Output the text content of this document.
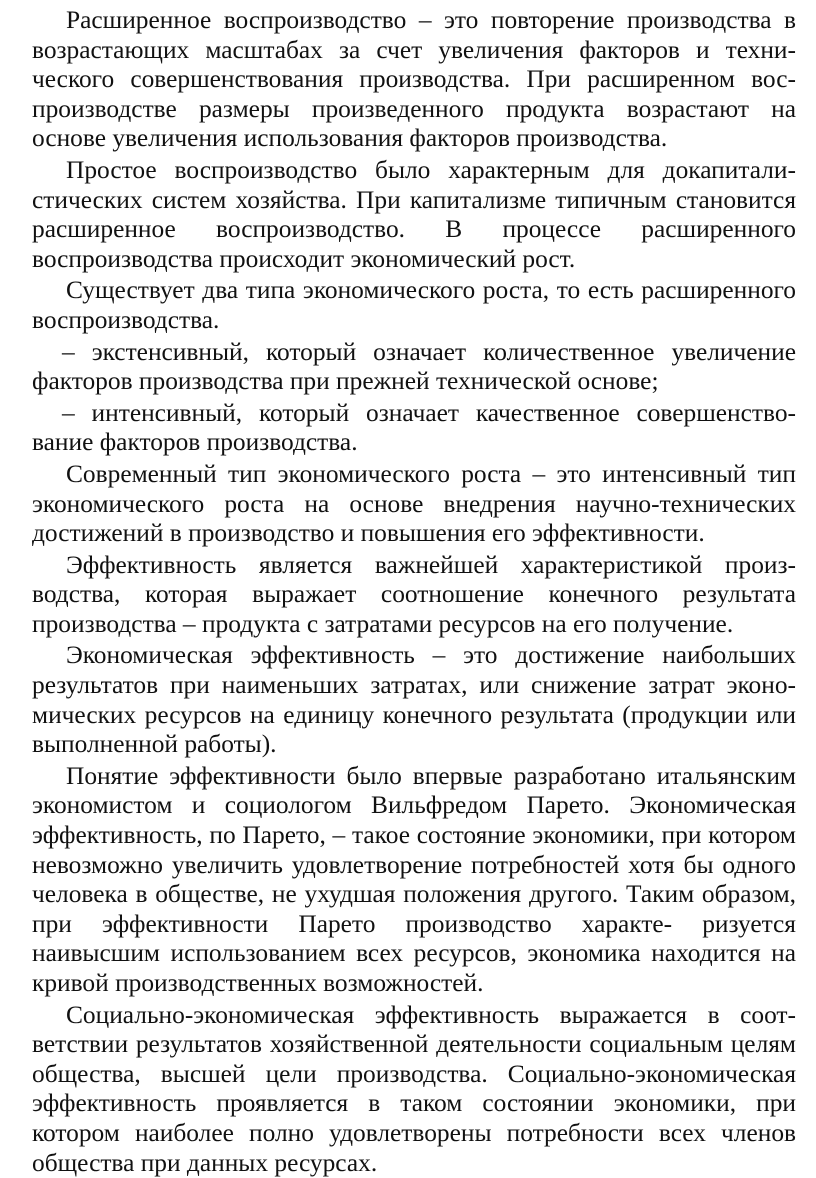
Расширенное воспроизводство – это повторение производства в возрастающих масштабах за счет увеличения факторов и технического совершенствования производства. При расширенном воспроизводстве размеры произведенного продукта возрастают на основе увеличения использования факторов производства.

Простое воспроизводство было характерным для докапиталистических систем хозяйства. При капитализме типичным становится расширенное воспроизводство. В процессе расширенного воспроизводства происходит экономический рост.

Существует два типа экономического роста, то есть расширенного воспроизводства.

– экстенсивный, который означает количественное увеличение факторов производства при прежней технической основе;

– интенсивный, который означает качественное совершенствование факторов производства.

Современный тип экономического роста – это интенсивный тип экономического роста на основе внедрения научно-технических достижений в производство и повышения его эффективности.

Эффективность является важнейшей характеристикой производства, которая выражает соотношение конечного результата производства – продукта с затратами ресурсов на его получение.

Экономическая эффективность – это достижение наибольших результатов при наименьших затратах, или снижение затрат экономических ресурсов на единицу конечного результата (продукции или выполненной работы).

Понятие эффективности было впервые разработано итальянским экономистом и социологом Вильфредом Парето. Экономическая эффективность, по Парето, – такое состояние экономики, при котором невозможно увеличить удовлетворение потребностей хотя бы одного человека в обществе, не ухудшая положения другого. Таким образом, при эффективности Парето производство характе- ризуется наивысшим использованием всех ресурсов, экономика находится на кривой производственных возможностей.

Социально-экономическая эффективность выражается в соответствии результатов хозяйственной деятельности социальным целям общества, высшей цели производства. Социально-экономическая эффективность проявляется в таком состоянии экономики, при котором наиболее полно удовлетворены потребности всех членов общества при данных ресурсах.
